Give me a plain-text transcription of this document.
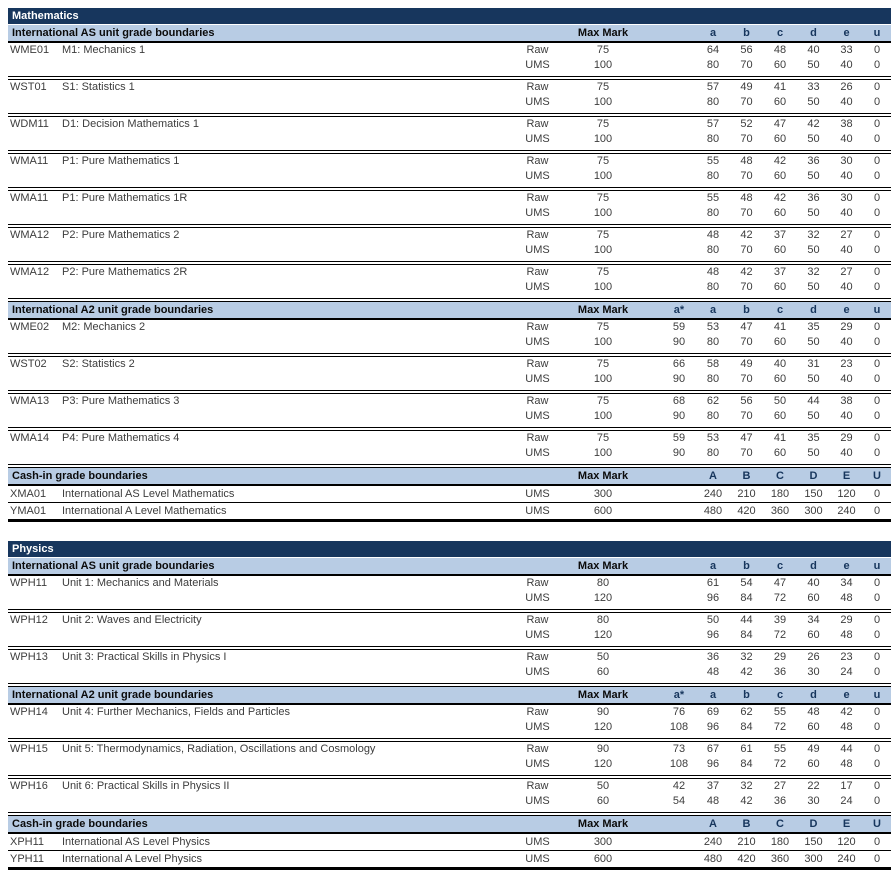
Mathematics
International AS unit grade boundaries	Max Mark	a	b	c	d	e	u
WME01	M1: Mechanics 1	Raw	75	64	56	48	40	33	0
UMS	100	80	70	60	50	40	0
WST01	S1: Statistics 1	Raw	75	57	49	41	33	26	0
UMS	100	80	70	60	50	40	0
WDM11	D1: Decision Mathematics 1	Raw	75	57	52	47	42	38	0
UMS	100	80	70	60	50	40	0
WMA11	P1: Pure Mathematics 1	Raw	75	55	48	42	36	30	0
UMS	100	80	70	60	50	40	0
WMA11	P1: Pure Mathematics 1R	Raw	75	55	48	42	36	30	0
UMS	100	80	70	60	50	40	0
WMA12	P2: Pure Mathematics 2	Raw	75	48	42	37	32	27	0
UMS	100	80	70	60	50	40	0
WMA12	P2: Pure Mathematics 2R	Raw	75	48	42	37	32	27	0
UMS	100	80	70	60	50	40	0
International A2 unit grade boundaries	Max Mark	a*	a	b	c	d	e	u
WME02	M2: Mechanics 2	Raw	75	59	53	47	41	35	29	0
UMS	100	90	80	70	60	50	40	0
WST02	S2: Statistics 2	Raw	75	66	58	49	40	31	23	0
UMS	100	90	80	70	60	50	40	0
WMA13	P3: Pure Mathematics 3	Raw	75	68	62	56	50	44	38	0
UMS	100	90	80	70	60	50	40	0
WMA14	P4: Pure Mathematics 4	Raw	75	59	53	47	41	35	29	0
UMS	100	90	80	70	60	50	40	0
Cash-in grade boundaries	Max Mark	A	B	C	D	E	U
XMA01	International AS Level Mathematics	UMS	300	240	210	180	150	120	0
YMA01	International A Level Mathematics	UMS	600	480	420	360	300	240	0
Physics
International AS unit grade boundaries	Max Mark	a	b	c	d	e	u
WPH11	Unit 1: Mechanics and Materials	Raw	80	61	54	47	40	34	0
UMS	120	96	84	72	60	48	0
WPH12	Unit 2: Waves and Electricity	Raw	80	50	44	39	34	29	0
UMS	120	96	84	72	60	48	0
WPH13	Unit 3: Practical Skills in Physics I	Raw	50	36	32	29	26	23	0
UMS	60	48	42	36	30	24	0
International A2 unit grade boundaries	Max Mark	a*	a	b	c	d	e	u
WPH14	Unit 4: Further Mechanics, Fields and Particles	Raw	90	76	69	62	55	48	42	0
UMS	120	108	96	84	72	60	48	0
WPH15	Unit 5: Thermodynamics, Radiation, Oscillations and Cosmology	Raw	90	73	67	61	55	49	44	0
UMS	120	108	96	84	72	60	48	0
WPH16	Unit 6: Practical Skills in Physics II	Raw	50	42	37	32	27	22	17	0
UMS	60	54	48	42	36	30	24	0
Cash-in grade boundaries	Max Mark	A	B	C	D	E	U
XPH11	International AS Level Physics	UMS	300	240	210	180	150	120	0
YPH11	International A Level Physics	UMS	600	480	420	360	300	240	0
